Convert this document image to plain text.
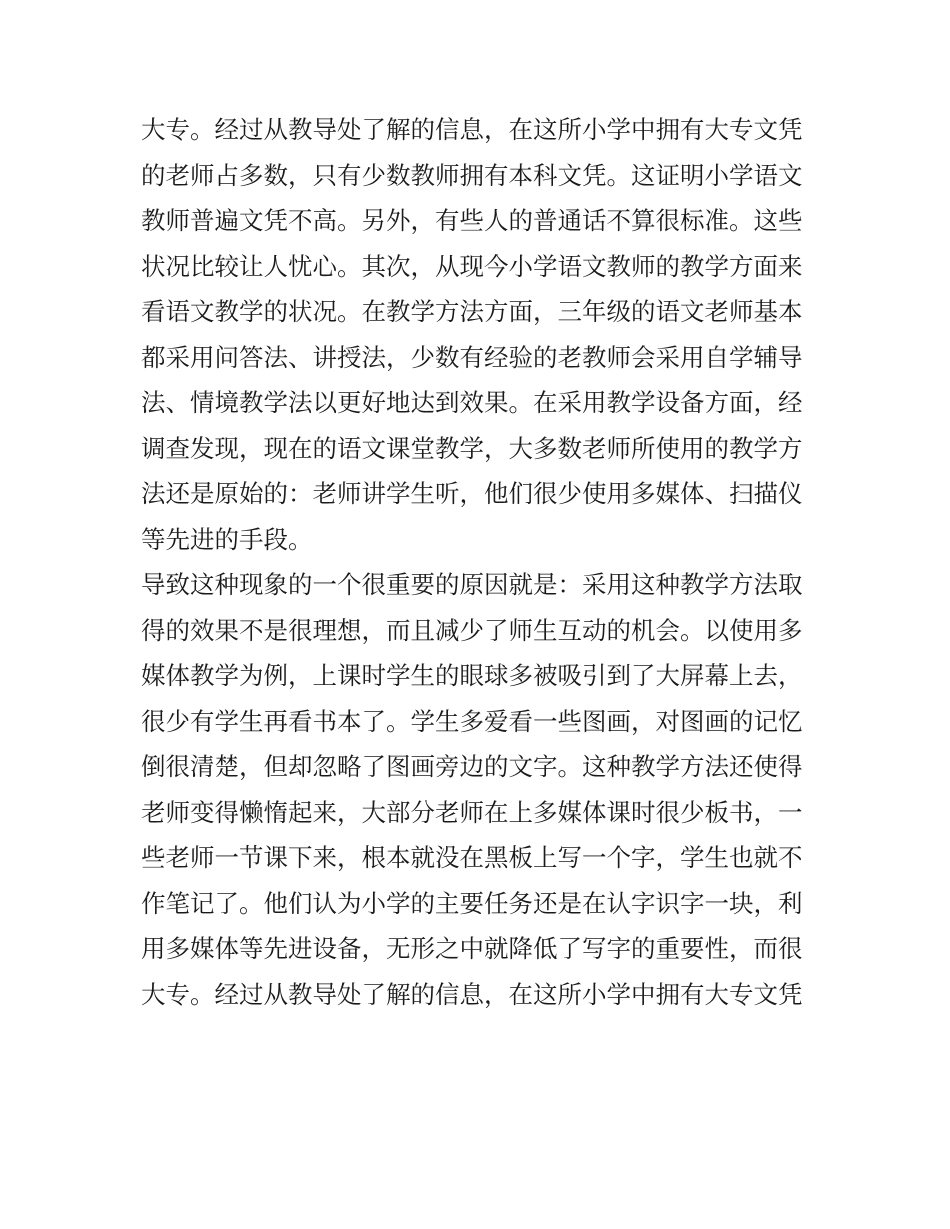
大专。经过从教导处了解的信息，在这所小学中拥有大专文凭
的老师占多数，只有少数教师拥有本科文凭。这证明小学语文
教师普遍文凭不高。另外，有些人的普通话不算很标准。这些
状况比较让人忧心。其次，从现今小学语文教师的教学方面来
看语文教学的状况。在教学方法方面，三年级的语文老师基本
都采用问答法、讲授法，少数有经验的老教师会采用自学辅导
法、情境教学法以更好地达到效果。在采用教学设备方面，经
调查发现，现在的语文课堂教学，大多数老师所使用的教学方
法还是原始的：老师讲学生听，他们很少使用多媒体、扫描仪
等先进的手段。
导致这种现象的一个很重要的原因就是：采用这种教学方法取
得的效果不是很理想，而且减少了师生互动的机会。以使用多
媒体教学为例，上课时学生的眼球多被吸引到了大屏幕上去，
很少有学生再看书本了。学生多爱看一些图画，对图画的记忆
倒很清楚，但却忽略了图画旁边的文字。这种教学方法还使得
老师变得懒惰起来，大部分老师在上多媒体课时很少板书，一
些老师一节课下来，根本就没在黑板上写一个字，学生也就不
作笔记了。他们认为小学的主要任务还是在认字识字一块，利
用多媒体等先进设备，无形之中就降低了写字的重要性，而很
大专。经过从教导处了解的信息，在这所小学中拥有大专文凭
